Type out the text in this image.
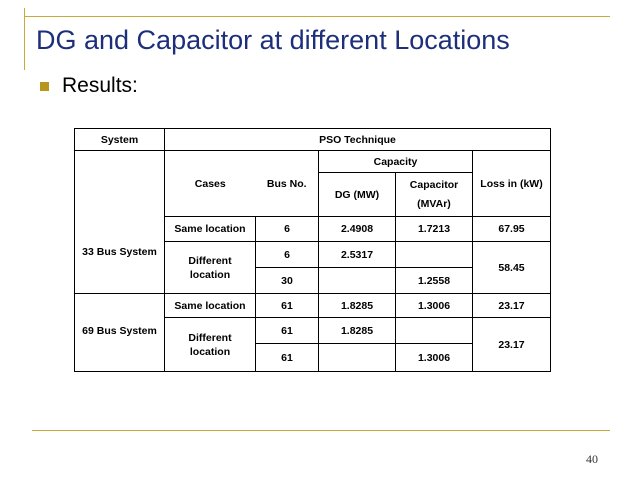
DG and Capacitor at different Locations
Results:
System	PSO Technique				
33 Bus System	Cases	Bus No.	Capacity		Loss in (kW)
			DG (MW)	Capacitor
(MVAr)	

	Same location	6	2.4908	1.7213	67.95

	Different
location	6	2.5317		58.45
		30		1.2558	
69 Bus System	Same location	61	1.8285	1.3006	23.17

	Different
location	61	1.8285		23.17
		61		1.3006	
40
